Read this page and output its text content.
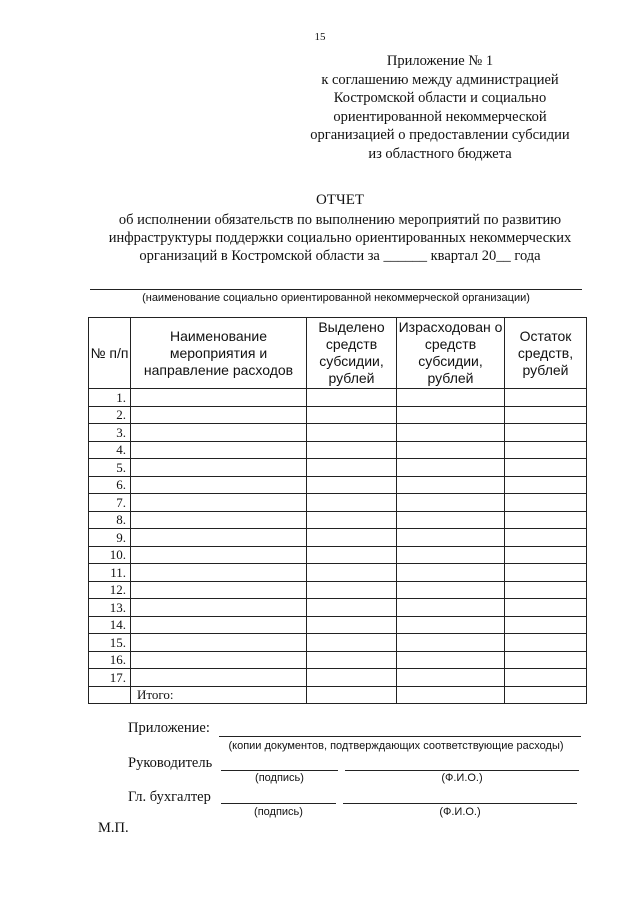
15
Приложение № 1
к соглашению между администрацией
Костромской области и социально
ориентированной некоммерческой
организацией о предоставлении субсидии
из областного бюджета
ОТЧЕТ
об исполнении обязательств по выполнению мероприятий по развитию
инфраструктуры поддержки социально ориентированных некоммерческих
организаций в Костромской области за ______ квартал 20__ года
(наименование социально ориентированной некоммерческой организации)
№ п/п	Наименование мероприятия и направление расходов	Выделено средств субсидии, рублей	Израсходован о средств субсидии, рублей	Остаток средств, рублей
1.				
2.				
3.				
4.				
5.				
6.				
7.				
8.				
9.				
10.				
11.				
12.				
13.				
14.				
15.				
16.				
17.				
	Итого:			
Приложение:
(копии документов, подтверждающих соответствующие расходы)
Руководитель
(подпись)	(Ф.И.О.)
Гл. бухгалтер
(подпись)	(Ф.И.О.)
М.П.
